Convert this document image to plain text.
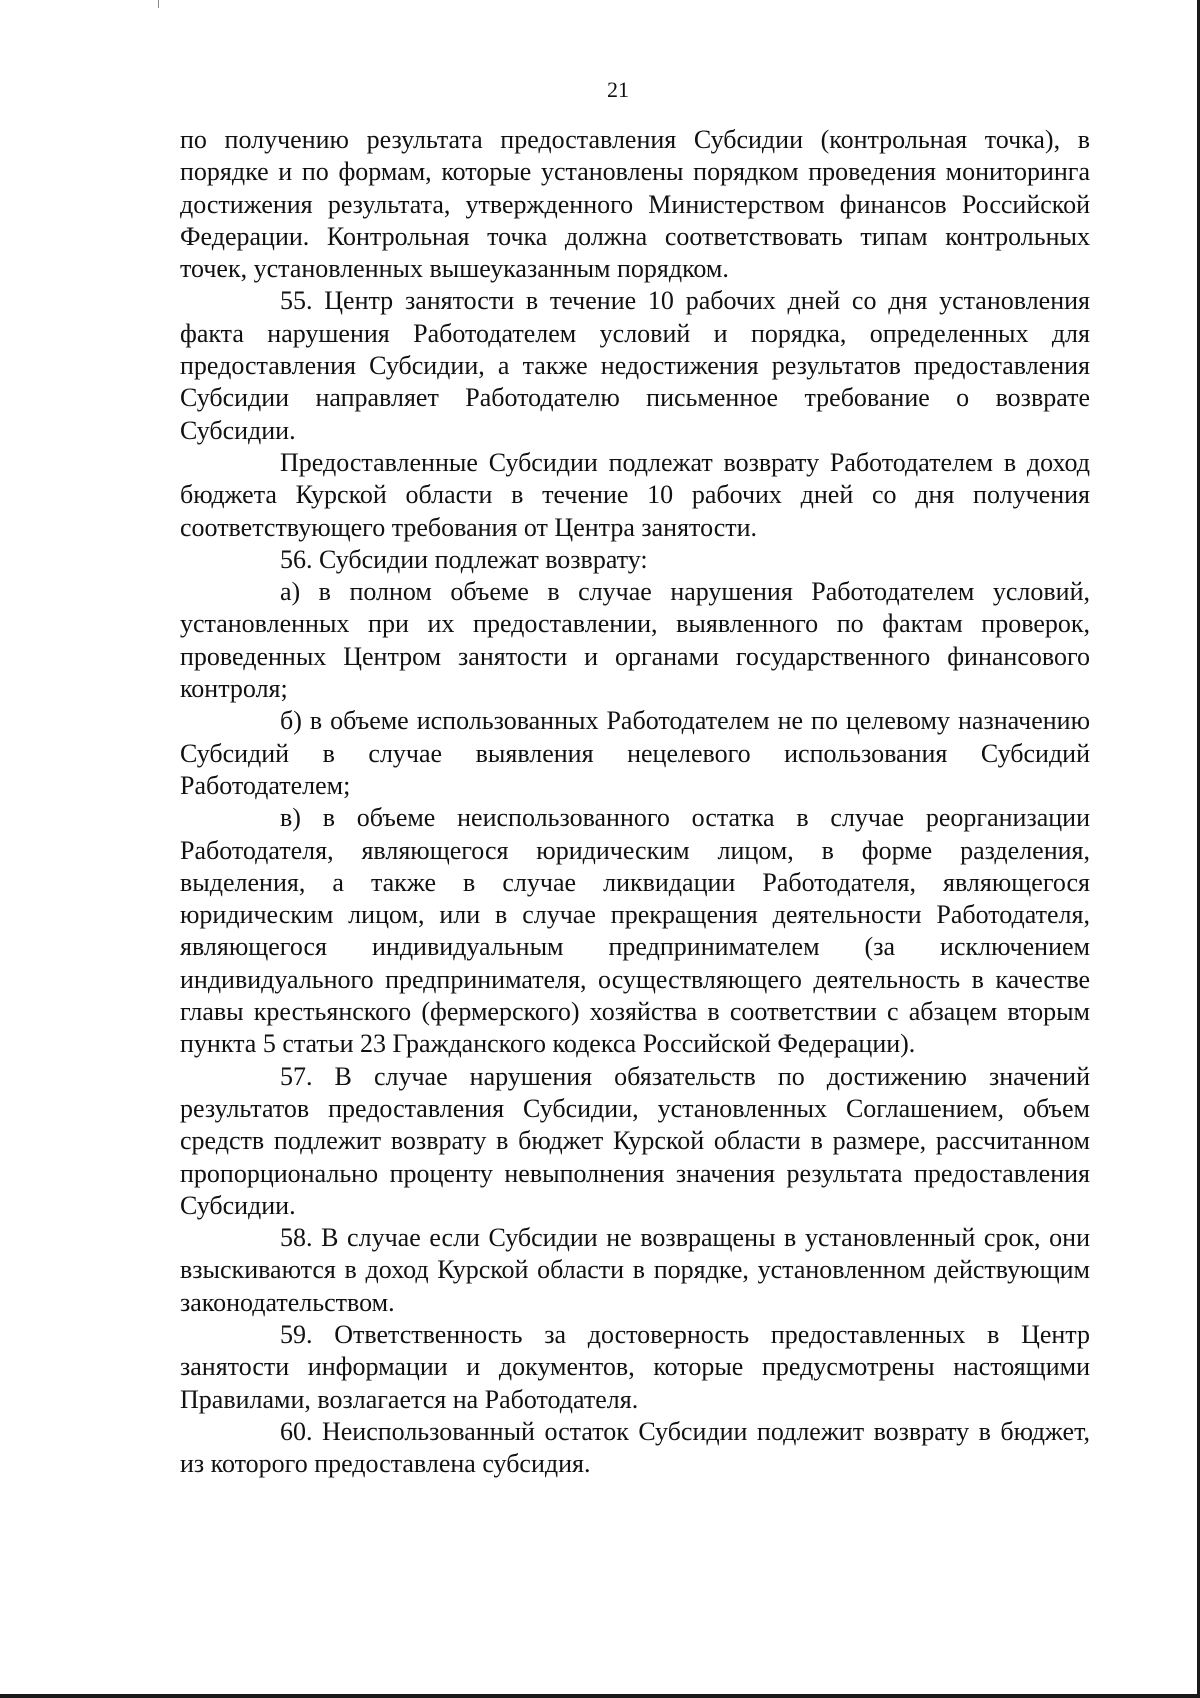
21

по получению результата предоставления Субсидии (контрольная точка), в порядке и по формам, которые установлены порядком проведения мониторинга достижения результата, утвержденного Министерством финансов Российской Федерации. Контрольная точка должна соответствовать типам контрольных точек, установленных вышеуказанным порядком.

55. Центр занятости в течение 10 рабочих дней со дня установления факта нарушения Работодателем условий и порядка, определенных для предоставления Субсидии, а также недостижения результатов предоставления Субсидии направляет Работодателю письменное требование о возврате Субсидии.

Предоставленные Субсидии подлежат возврату Работодателем в доход бюджета Курской области в течение 10 рабочих дней со дня получения соответствующего требования от Центра занятости.

56. Субсидии подлежат возврату:

а) в полном объеме в случае нарушения Работодателем условий, установленных при их предоставлении, выявленного по фактам проверок, проведенных Центром занятости и органами государственного финансового контроля;

б) в объеме использованных Работодателем не по целевому назначению Субсидий в случае выявления нецелевого использования Субсидий Работодателем;

в) в объеме неиспользованного остатка в случае реорганизации Работодателя, являющегося юридическим лицом, в форме разделения, выделения, а также в случае ликвидации Работодателя, являющегося юридическим лицом, или в случае прекращения деятельности Работодателя, являющегося индивидуальным предпринимателем (за исключением индивидуального предпринимателя, осуществляющего деятельность в качестве главы крестьянского (фермерского) хозяйства в соответствии с абзацем вторым пункта 5 статьи 23 Гражданского кодекса Российской Федерации).

57. В случае нарушения обязательств по достижению значений результатов предоставления Субсидии, установленных Соглашением, объем средств подлежит возврату в бюджет Курской области в размере, рассчитанном пропорционально проценту невыполнения значения результата предоставления Субсидии.

58. В случае если Субсидии не возвращены в установленный срок, они взыскиваются в доход Курской области в порядке, установленном действующим законодательством.

59. Ответственность за достоверность предоставленных в Центр занятости информации и документов, которые предусмотрены настоящими Правилами, возлагается на Работодателя.

60. Неиспользованный остаток Субсидии подлежит возврату в бюджет, из которого предоставлена субсидия.
